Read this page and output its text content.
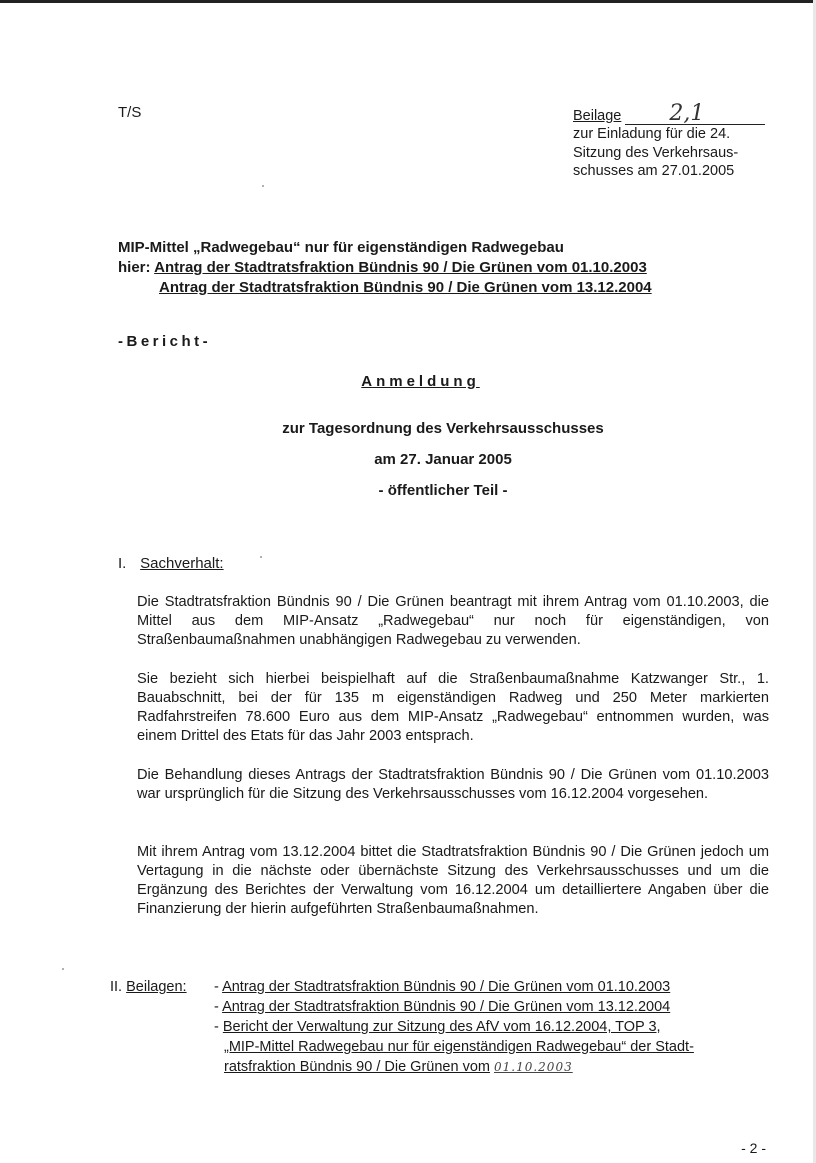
T/S	Beilage	2,1
zur Einladung für die 24.
Sitzung des Verkehrsaus-
schusses am 27.01.2005
MIP-Mittel „Radwegebau“ nur für eigenständigen Radwegebau
hier: Antrag der Stadtratsfraktion Bündnis 90 / Die Grünen vom 01.10.2003
Antrag der Stadtratsfraktion Bündnis 90 / Die Grünen vom 13.12.2004
-Bericht-
Anmeldung
zur Tagesordnung des Verkehrsausschusses
am 27. Januar 2005
- öffentlicher Teil -
I. Sachverhalt:
Die Stadtratsfraktion Bündnis 90 / Die Grünen beantragt mit ihrem Antrag vom 01.10.2003, die Mittel aus dem MIP-Ansatz „Radwegebau“ nur noch für eigenständigen, von Straßenbaumaßnahmen unabhängigen Radwegebau zu verwenden.
Sie bezieht sich hierbei beispielhaft auf die Straßenbaumaßnahme Katzwanger Str., 1. Bauabschnitt, bei der für 135 m eigenständigen Radweg und 250 Meter markierten Radfahrstreifen 78.600 Euro aus dem MIP-Ansatz „Radwegebau“ entnommen wurden, was einem Drittel des Etats für das Jahr 2003 entsprach.
Die Behandlung dieses Antrags der Stadtratsfraktion Bündnis 90 / Die Grünen vom 01.10.2003 war ursprünglich für die Sitzung des Verkehrsausschusses vom 16.12.2004 vorgesehen.
Mit ihrem Antrag vom 13.12.2004 bittet die Stadtratsfraktion Bündnis 90 / Die Grünen jedoch um Vertagung in die nächste oder übernächste Sitzung des Verkehrsausschusses und um die Ergänzung des Berichtes der Verwaltung vom 16.12.2004 um detailliertere Angaben über die Finanzierung der hierin aufgeführten Straßenbaumaßnahmen.
II. Beilagen: - Antrag der Stadtratsfraktion Bündnis 90 / Die Grünen vom 01.10.2003
- Antrag der Stadtratsfraktion Bündnis 90 / Die Grünen vom 13.12.2004
- Bericht der Verwaltung zur Sitzung des AfV vom 16.12.2004, TOP 3,
„MIP-Mittel Radwegebau nur für eigenständigen Radwegebau“ der Stadt-
ratsfraktion Bündnis 90 / Die Grünen vom 01.10.2003
- 2 -
